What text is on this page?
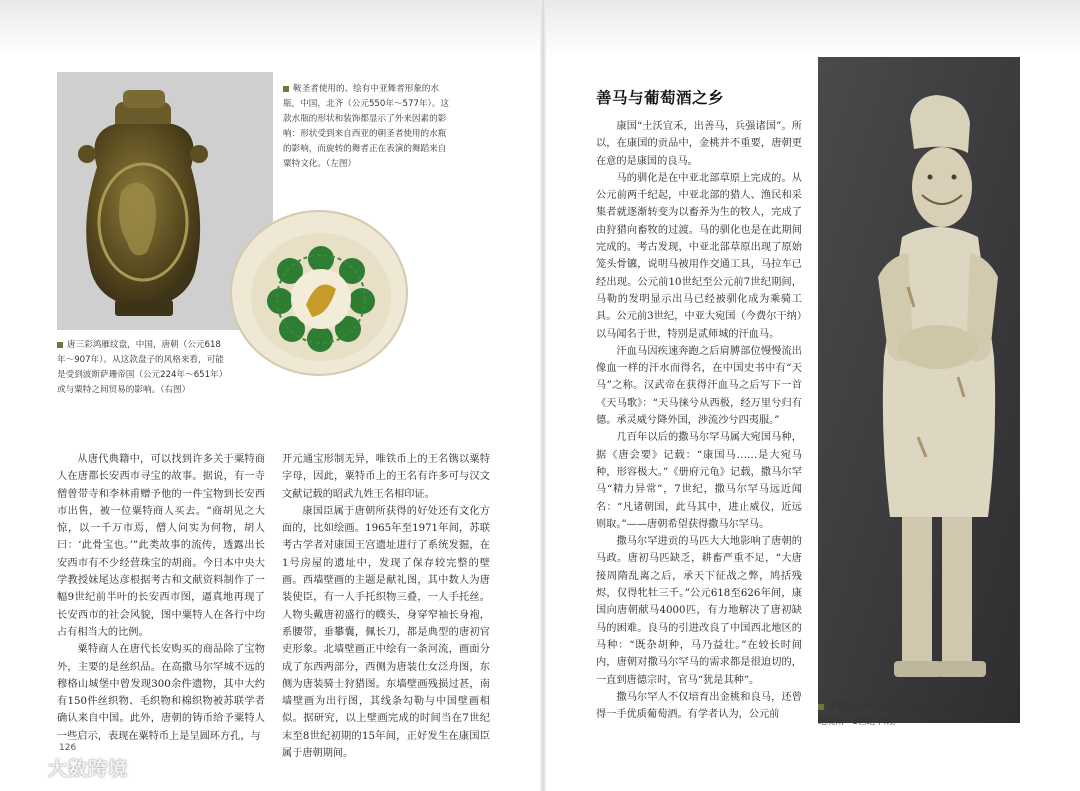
鞍圣者使用的、绘有中亚舞者形象的水瓶，中国，北齐（公元550年～577年）。这款水瓶的形状和装饰都显示了外来因素的影响：形状受到来自西亚的朝圣者使用的水瓶的影响，而旋转的舞者正在表演的舞蹈来自粟特文化。（左图）
唐三彩鸿雁纹盘，中国，唐朝（公元618年～907年）。从这款盘子的风格来看，可能是受到波斯萨珊帝国（公元224年～651年）或与粟特之间贸易的影响。（右图）

从唐代典籍中，可以找到许多关于粟特商人在唐都长安西市寻宝的故事。据说，有一寺僧曾带寺和李林甫赠予他的一件宝物到长安西市出售，被一位粟特商人买去。“商胡见之大惊，以一千万市焉，僧人问实为何物，胡人曰：‘此骨宝也。’”此类故事的流传，透露出长安西市有不少经营珠宝的胡商。今日本中央大学教授妹尾达彦根据考古和文献资料制作了一幅9世纪前半叶的长安西市图，逼真地再现了长安西市的社会风貌，图中粟特人在各行中均占有相当大的比例。

粟特商人在唐代长安购买的商品除了宝物外，主要的是丝织品。在高撒马尔罕城不远的穆格山城堡中曾发现300余件遗物，其中大约有150件丝织物、毛织物和棉织物被苏联学者确认来自中国。此外，唐朝的铸币给予粟特人一些启示，表现在粟特币上是呈圆环方孔，与

开元通宝形制无异，唯铁币上的王名镌以粟特字母，因此，粟特币上的王名有许多可与汉文文献记载的昭武九姓王名相印证。

康国臣属于唐朝所获得的好处还有文化方面的，比如绘画。1965年至1971年间，苏联考古学者对康国王宫遗址进行了系统发掘，在1号房屋的遗址中，发现了保存较完整的壁画。西墙壁画的主题是献礼图，其中数人为唐装使臣，有一人手托织物三叠，一人手托丝。人物头戴唐初盛行的幞头，身穿窄袖长身袍，系腰带，垂攀囊，佩长刀，都是典型的唐初官吏形象。北墙壁画正中绘有一条河流，画面分成了东西两部分，西侧为唐装仕女泛舟图，东侧为唐装骑士狩猎图。东墙壁画残损过甚，南墙壁画为出行图，其线条勾勒与中国壁画相似。据研究，以上壁画完成的时间当在7世纪末至8世纪初期的15年间，正好发生在康国臣属于唐朝期间。

126
善马与葡萄酒之乡

康国“土沃宜禾，出善马，兵强诸国”。所以，在康国的贡品中，金桃并不重要，唐朝更在意的是康国的良马。

马的驯化是在中亚北部草原上完成的。从公元前两千纪起，中亚北部的猎人、渔民和采集者就逐渐转变为以畜养为生的牧人，完成了由狩猎向畜牧的过渡。马的驯化也是在此期间完成的。考古发现，中亚北部草原出现了原始笼头骨镳，说明马被用作交通工具，马拉车已经出现。公元前10世纪至公元前7世纪期间，马勒的发明显示出马已经被驯化成为乘骑工具。公元前3世纪，中亚大宛国（今费尔干纳）以马闻名于世，特别是贰师城的汗血马。

汗血马因疾速奔跑之后肩膊部位慢慢流出像血一样的汗水而得名，在中国史书中有“天马”之称。汉武帝在获得汗血马之后写下一首《天马歌》：“天马徕兮从西极，经万里兮归有德。承灵威兮降外国，涉流沙兮四夷服。”

几百年以后的撒马尔罕马属大宛国马种，据《唐会要》记载：“康国马……是大宛马种，形容极大。”《册府元龟》记载，撒马尔罕马“精力异常”，7世纪，撒马尔罕马远近闻名：“凡诸朝国，此马其中，进止威仪，近远则取。”——唐朝希望获得撒马尔罕马。

撒马尔罕进贡的马匹大大地影响了唐朝的马政。唐初马匹缺乏，耕畜严重不足，“大唐接周隋乱离之后，承天下征战之弊，鸠括残烬，仅得牝牡三千。”公元618至626年间，康国向唐朝献马4000匹，有力地解决了唐初缺马的困难。良马的引进改良了中国西北地区的马种：“既杂胡种，马乃益壮。”在较长时间内，唐朝对撒马尔罕马的需求都是很迫切的，一直到唐德宗时，官马“犹是其种”。

撒马尔罕人不仅培育出金桃和良马，还曾得一手优质葡萄酒。有学者认为，公元前

穿着宽大袍衣的粟特人俑，中国，北齐，公元7世纪晚期～8世纪早期。
大数跨境
